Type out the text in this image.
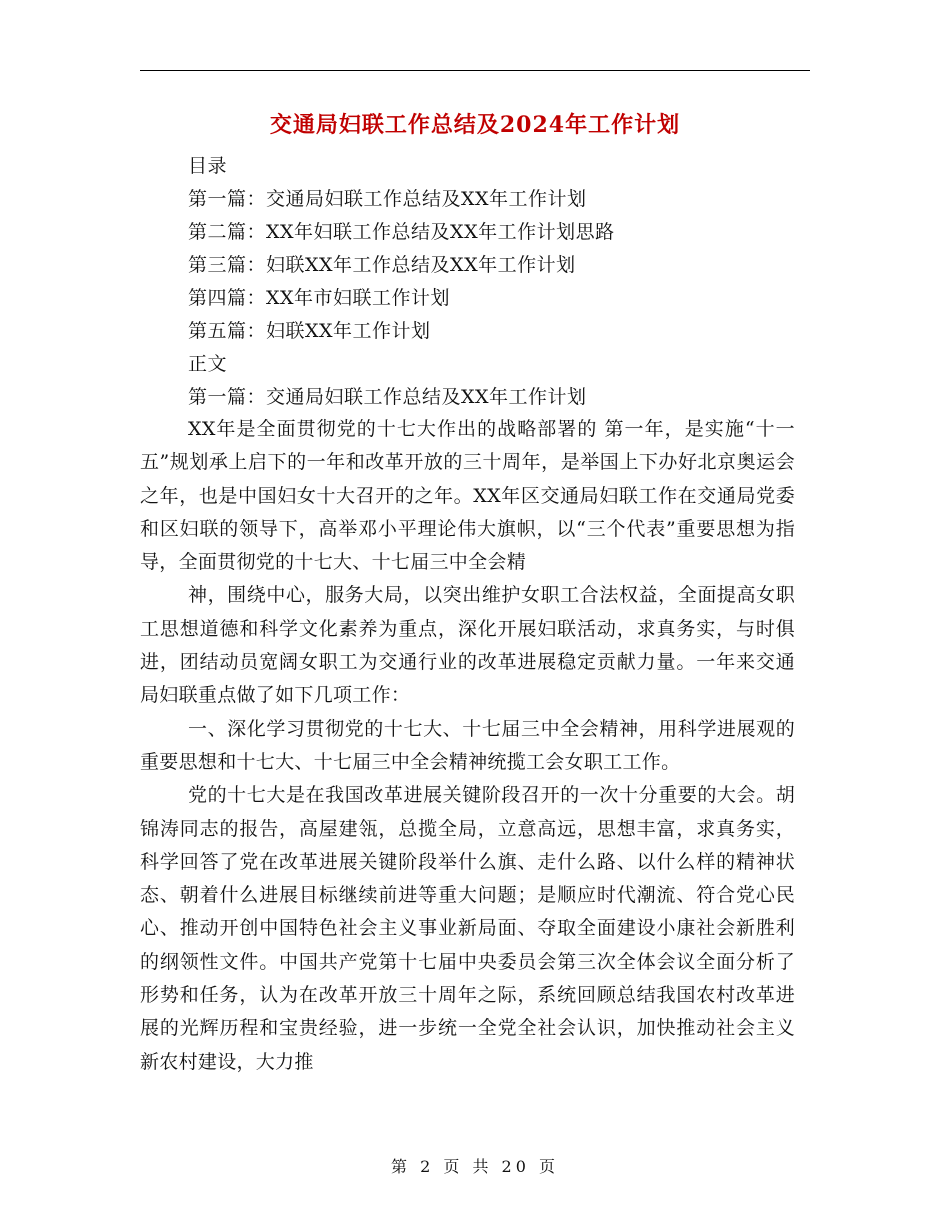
交通局妇联工作总结及2024年工作计划
目录
第一篇：交通局妇联工作总结及XX年工作计划
第二篇：XX年妇联工作总结及XX年工作计划思路
第三篇：妇联XX年工作总结及XX年工作计划
第四篇：XX年市妇联工作计划
第五篇：妇联XX年工作计划
正文
第一篇：交通局妇联工作总结及XX年工作计划

XX年是全面贯彻党的十七大作出的战略部署的 第一年，是实施“十一五”规划承上启下的一年和改革开放的三十周年，是举国上下办好北京奥运会之年，也是中国妇女十大召开的之年。XX年区交通局妇联工作在交通局党委和区妇联的领导下，高举邓小平理论伟大旗帜，以“三个代表”重要思想为指导，全面贯彻党的十七大、十七届三中全会精

神，围绕中心，服务大局，以突出维护女职工合法权益，全面提高女职工思想道德和科学文化素养为重点，深化开展妇联活动，求真务实，与时俱进，团结动员宽阔女职工为交通行业的改革进展稳定贡献力量。一年来交通局妇联重点做了如下几项工作：

一、深化学习贯彻党的十七大、十七届三中全会精神，用科学进展观的重要思想和十七大、十七届三中全会精神统揽工会女职工工作。

党的十七大是在我国改革进展关键阶段召开的一次十分重要的大会。胡锦涛同志的报告，高屋建瓴，总揽全局，立意高远，思想丰富，求真务实，科学回答了党在改革进展关键阶段举什么旗、走什么路、以什么样的精神状态、朝着什么进展目标继续前进等重大问题；是顺应时代潮流、符合党心民心、推动开创中国特色社会主义事业新局面、夺取全面建设小康社会新胜利的纲领性文件。中国共产党第十七届中央委员会第三次全体会议全面分析了形势和任务，认为在改革开放三十周年之际，系统回顾总结我国农村改革进展的光辉历程和宝贵经验，进一步统一全党全社会认识，加快推动社会主义新农村建设，大力推

第 2 页 共 20 页
